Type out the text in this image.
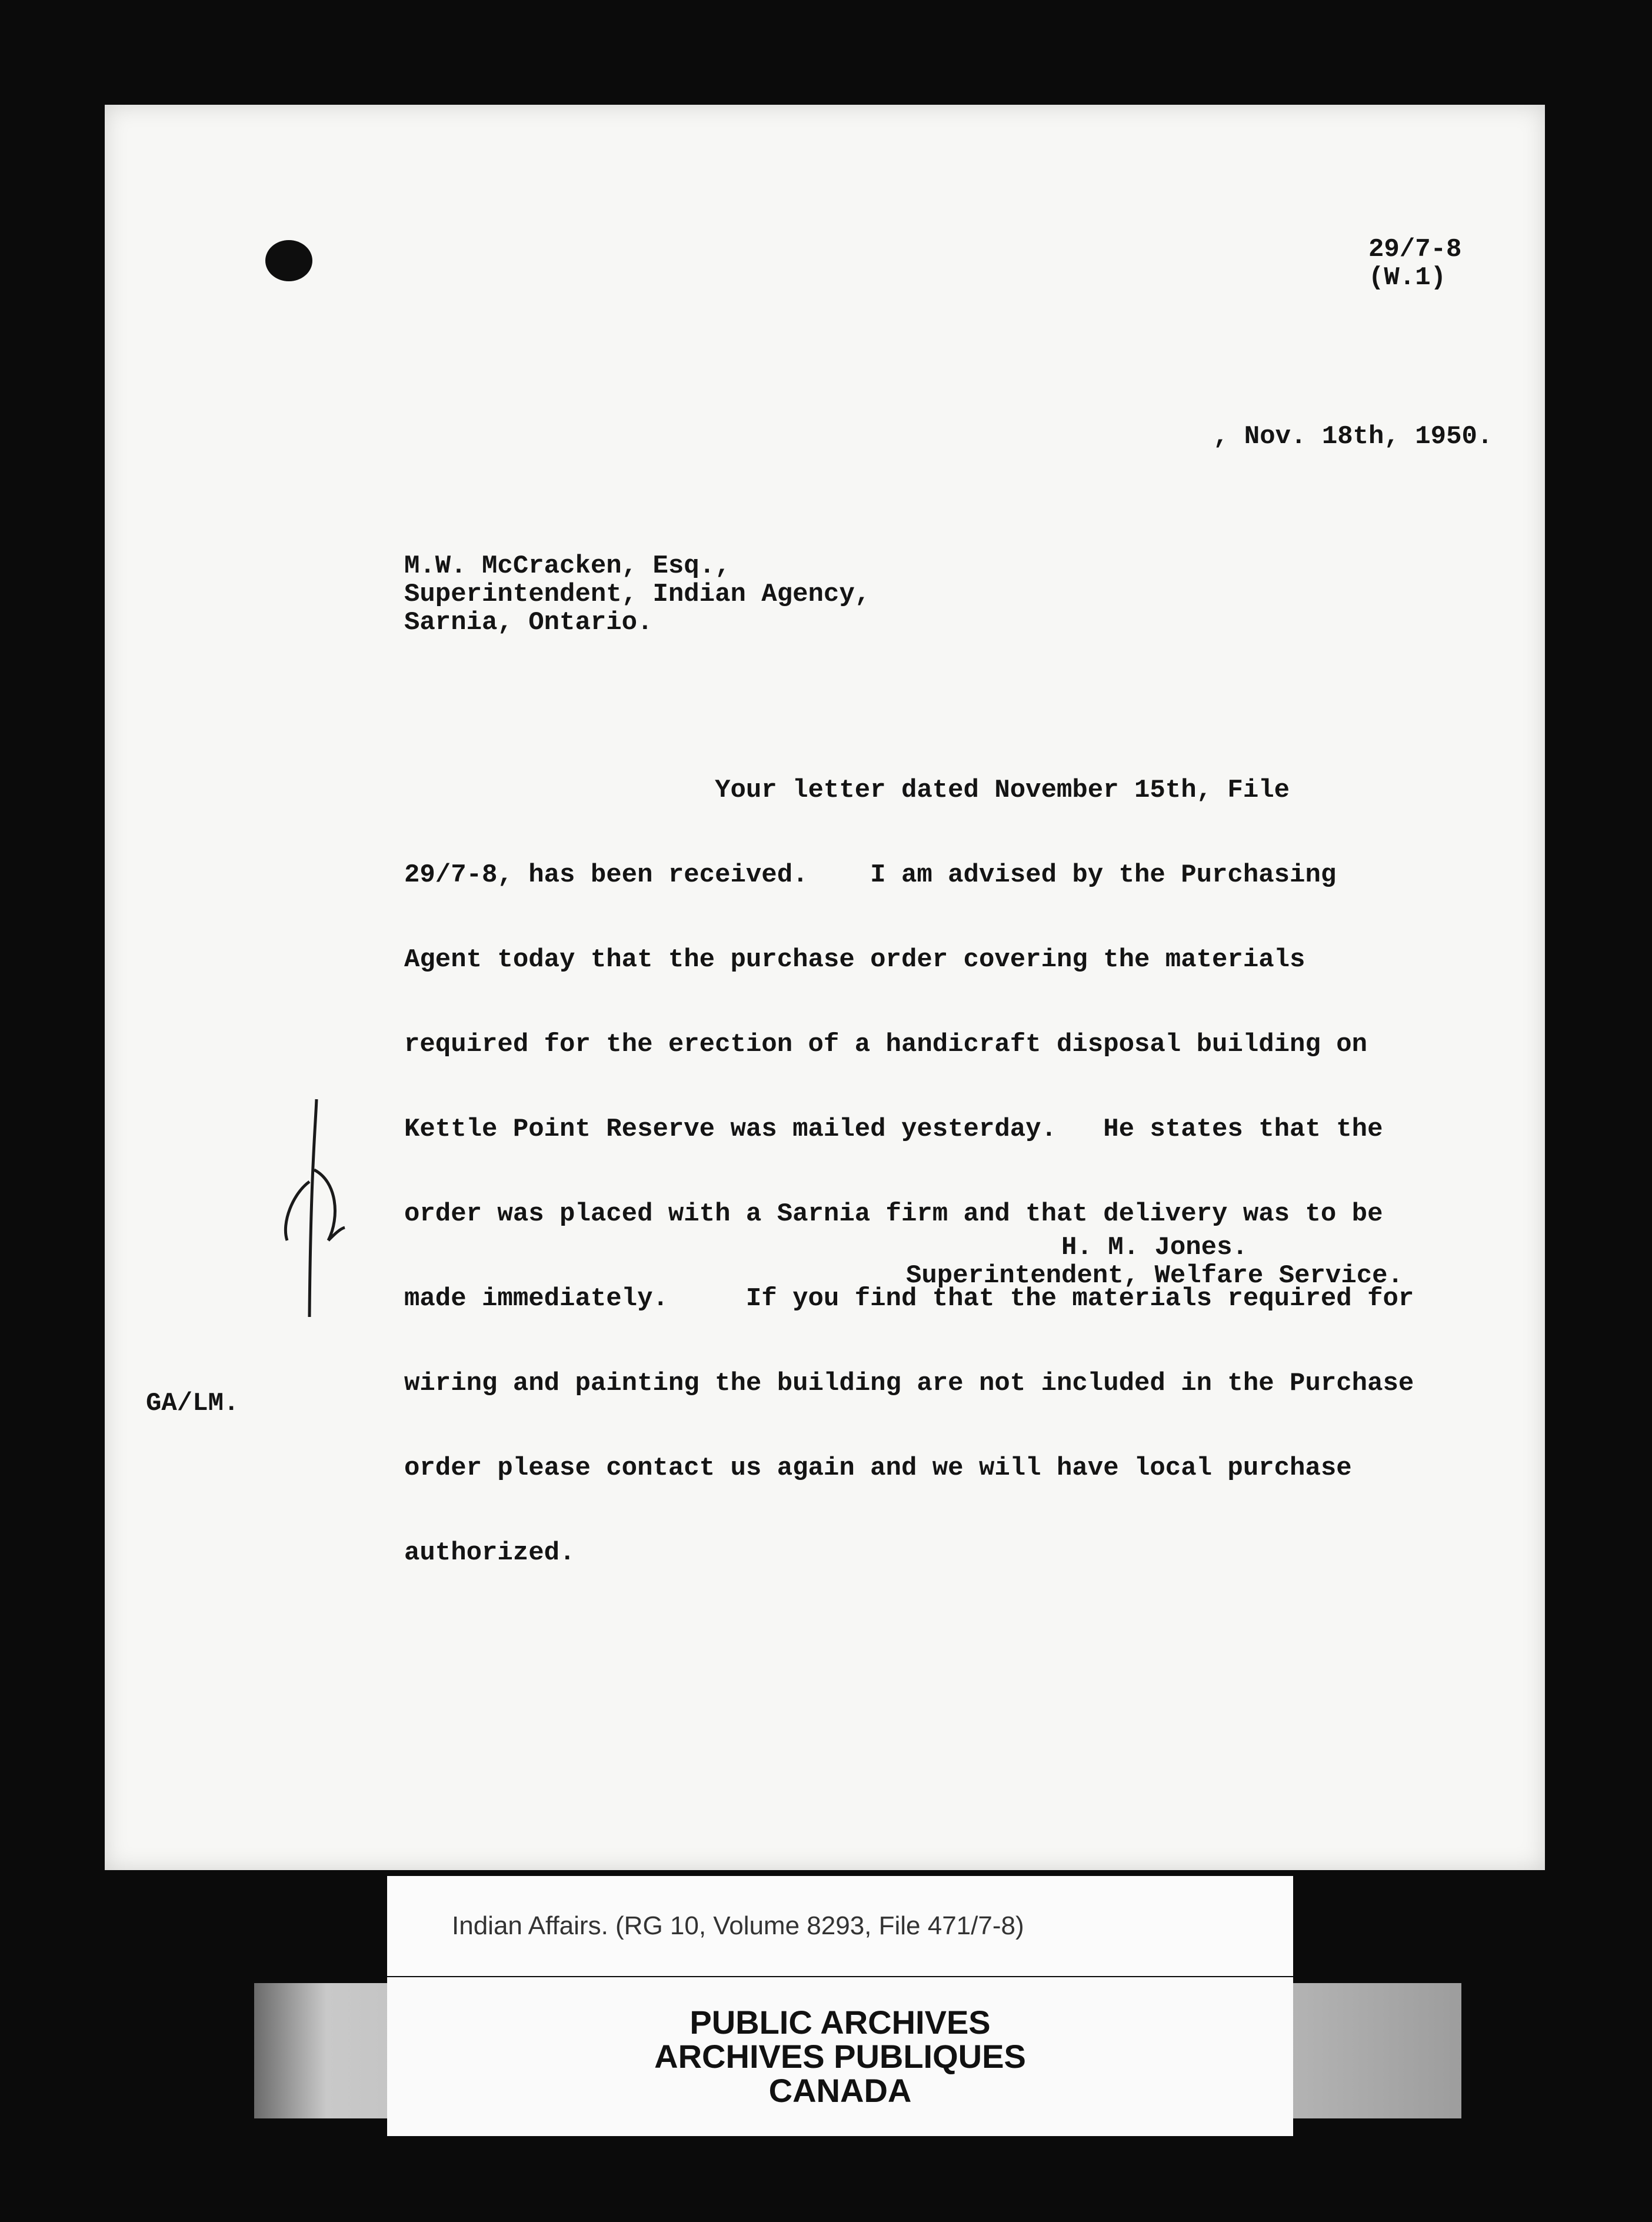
29/7-8
(W.1)
, Nov. 18th, 1950.
M.W. McCracken, Esq.,
Superintendent, Indian Agency,
Sarnia, Ontario.

Your letter dated November 15th, File

29/7-8, has been received.    I am advised by the Purchasing

Agent today that the purchase order covering the materials

required for the erection of a handicraft disposal building on

Kettle Point Reserve was mailed yesterday.   He states that the

order was placed with a Sarnia firm and that delivery was to be

made immediately.     If you find that the materials required for

wiring and painting the building are not included in the Purchase

order please contact us again and we will have local purchase

authorized.

H. M. Jones.
Superintendent, Welfare Service.
GA/LM.
Indian Affairs. (RG 10, Volume 8293, File 471/7-8)
PUBLIC ARCHIVES
ARCHIVES PUBLIQUES
CANADA
